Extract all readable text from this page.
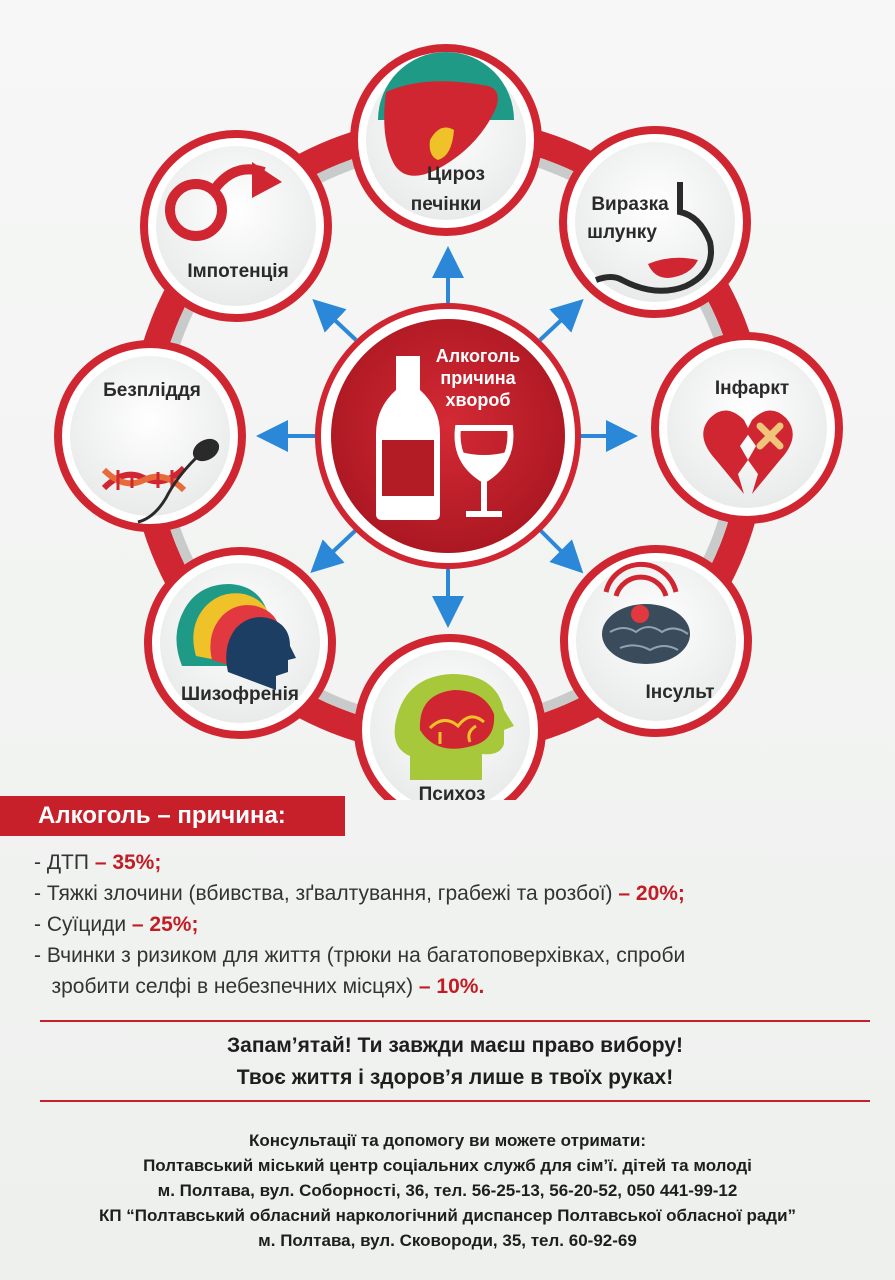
Алкоголь
причина
хвороб
Цироз
печінки	Виразка
шлунку
Інфаркт
Інсульт
Психоз
Шизофренія
Безпліддя
Імпотенція
Алкоголь – причина:
- ДТП – 35%;
- Тяжкі злочини (вбивства, зґвалтування, грабежі та розбої) – 20%;
- Суїциди – 25%;
- Вчинки з ризиком для життя (трюки на багатоповерхівках, спроби
зробити селфі в небезпечних місцях) – 10%.
Запам’ятай! Ти завжди маєш право вибору!
Твоє життя і здоров’я лише в твоїх руках!
Консультації та допомогу ви можете отримати:
Полтавський міський центр соціальних служб для сім’ї. дітей та молоді
м. Полтава, вул. Соборності, 36, тел. 56-25-13, 56-20-52, 050 441-99-12
КП “Полтавський обласний наркологічний диспансер Полтавської обласної ради”
м. Полтава, вул. Сковороди, 35, тел. 60-92-69
